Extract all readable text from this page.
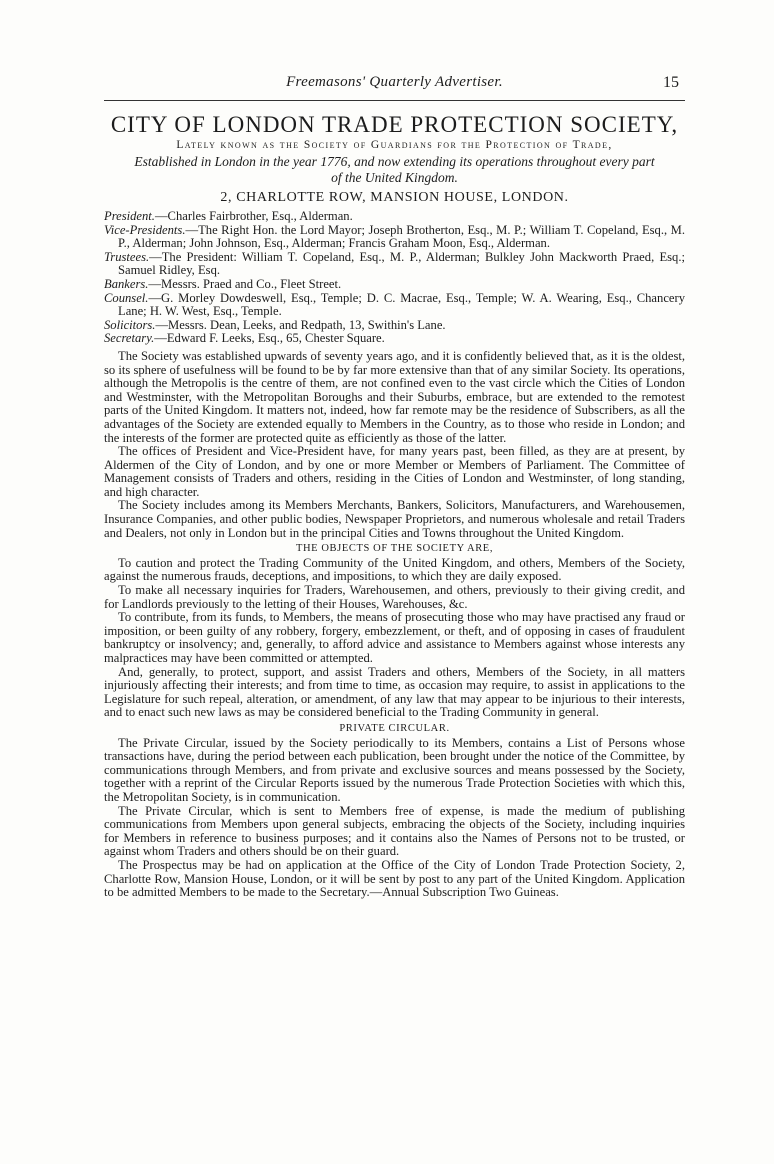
Freemasons' Quarterly Advertiser.	15
CITY OF LONDON TRADE PROTECTION SOCIETY,
Lately known as the Society of Guardians for the Protection of Trade,
Established in London in the year 1776, and now extending its operations throughout every part of the United Kingdom.
2, CHARLOTTE ROW, MANSION HOUSE, LONDON.
President.—Charles Fairbrother, Esq., Alderman.
Vice-Presidents.—The Right Hon. the Lord Mayor; Joseph Brotherton, Esq., M. P.; William T. Copeland, Esq., M. P., Alderman; John Johnson, Esq., Alderman; Francis Graham Moon, Esq., Alderman.
Trustees.—The President: William T. Copeland, Esq., M. P., Alderman; Bulkley John Mackworth Praed, Esq.; Samuel Ridley, Esq.
Bankers.—Messrs. Praed and Co., Fleet Street.
Counsel.—G. Morley Dowdeswell, Esq., Temple; D. C. Macrae, Esq., Temple; W. A. Wearing, Esq., Chancery Lane; H. W. West, Esq., Temple.
Solicitors.—Messrs. Dean, Leeks, and Redpath, 13, Swithin's Lane.
Secretary.—Edward F. Leeks, Esq., 65, Chester Square.

The Society was established upwards of seventy years ago, and it is confidently believed that, as it is the oldest, so its sphere of usefulness will be found to be by far more extensive than that of any similar Society. Its operations, although the Metropolis is the centre of them, are not confined even to the vast circle which the Cities of London and Westminster, with the Metropolitan Boroughs and their Suburbs, embrace, but are extended to the remotest parts of the United Kingdom. It matters not, indeed, how far remote may be the residence of Subscribers, as all the advantages of the Society are extended equally to Members in the Country, as to those who reside in London; and the interests of the former are protected quite as efficiently as those of the latter.

The offices of President and Vice-President have, for many years past, been filled, as they are at present, by Aldermen of the City of London, and by one or more Member or Members of Parliament. The Committee of Management consists of Traders and others, residing in the Cities of London and Westminster, of long standing, and high character.

The Society includes among its Members Merchants, Bankers, Solicitors, Manufacturers, and Warehousemen, Insurance Companies, and other public bodies, Newspaper Proprietors, and numerous wholesale and retail Traders and Dealers, not only in London but in the principal Cities and Towns throughout the United Kingdom.

THE OBJECTS OF THE SOCIETY ARE,

To caution and protect the Trading Community of the United Kingdom, and others, Members of the Society, against the numerous frauds, deceptions, and impositions, to which they are daily exposed.

To make all necessary inquiries for Traders, Warehousemen, and others, previously to their giving credit, and for Landlords previously to the letting of their Houses, Warehouses, &c.

To contribute, from its funds, to Members, the means of prosecuting those who may have practised any fraud or imposition, or been guilty of any robbery, forgery, embezzlement, or theft, and of opposing in cases of fraudulent bankruptcy or insolvency; and, generally, to afford advice and assistance to Members against whose interests any malpractices may have been committed or attempted.

And, generally, to protect, support, and assist Traders and others, Members of the Society, in all matters injuriously affecting their interests; and from time to time, as occasion may require, to assist in applications to the Legislature for such repeal, alteration, or amendment, of any law that may appear to be injurious to their interests, and to enact such new laws as may be considered beneficial to the Trading Community in general.

PRIVATE CIRCULAR.

The Private Circular, issued by the Society periodically to its Members, contains a List of Persons whose transactions have, during the period between each publication, been brought under the notice of the Committee, by communications through Members, and from private and exclusive sources and means possessed by the Society, together with a reprint of the Circular Reports issued by the numerous Trade Protection Societies with which this, the Metropolitan Society, is in communication.

The Private Circular, which is sent to Members free of expense, is made the medium of publishing communications from Members upon general subjects, embracing the objects of the Society, including inquiries for Members in reference to business purposes; and it contains also the Names of Persons not to be trusted, or against whom Traders and others should be on their guard.

The Prospectus may be had on application at the Office of the City of London Trade Protection Society, 2, Charlotte Row, Mansion House, London, or it will be sent by post to any part of the United Kingdom. Application to be admitted Members to be made to the Secretary.—Annual Subscription Two Guineas.
